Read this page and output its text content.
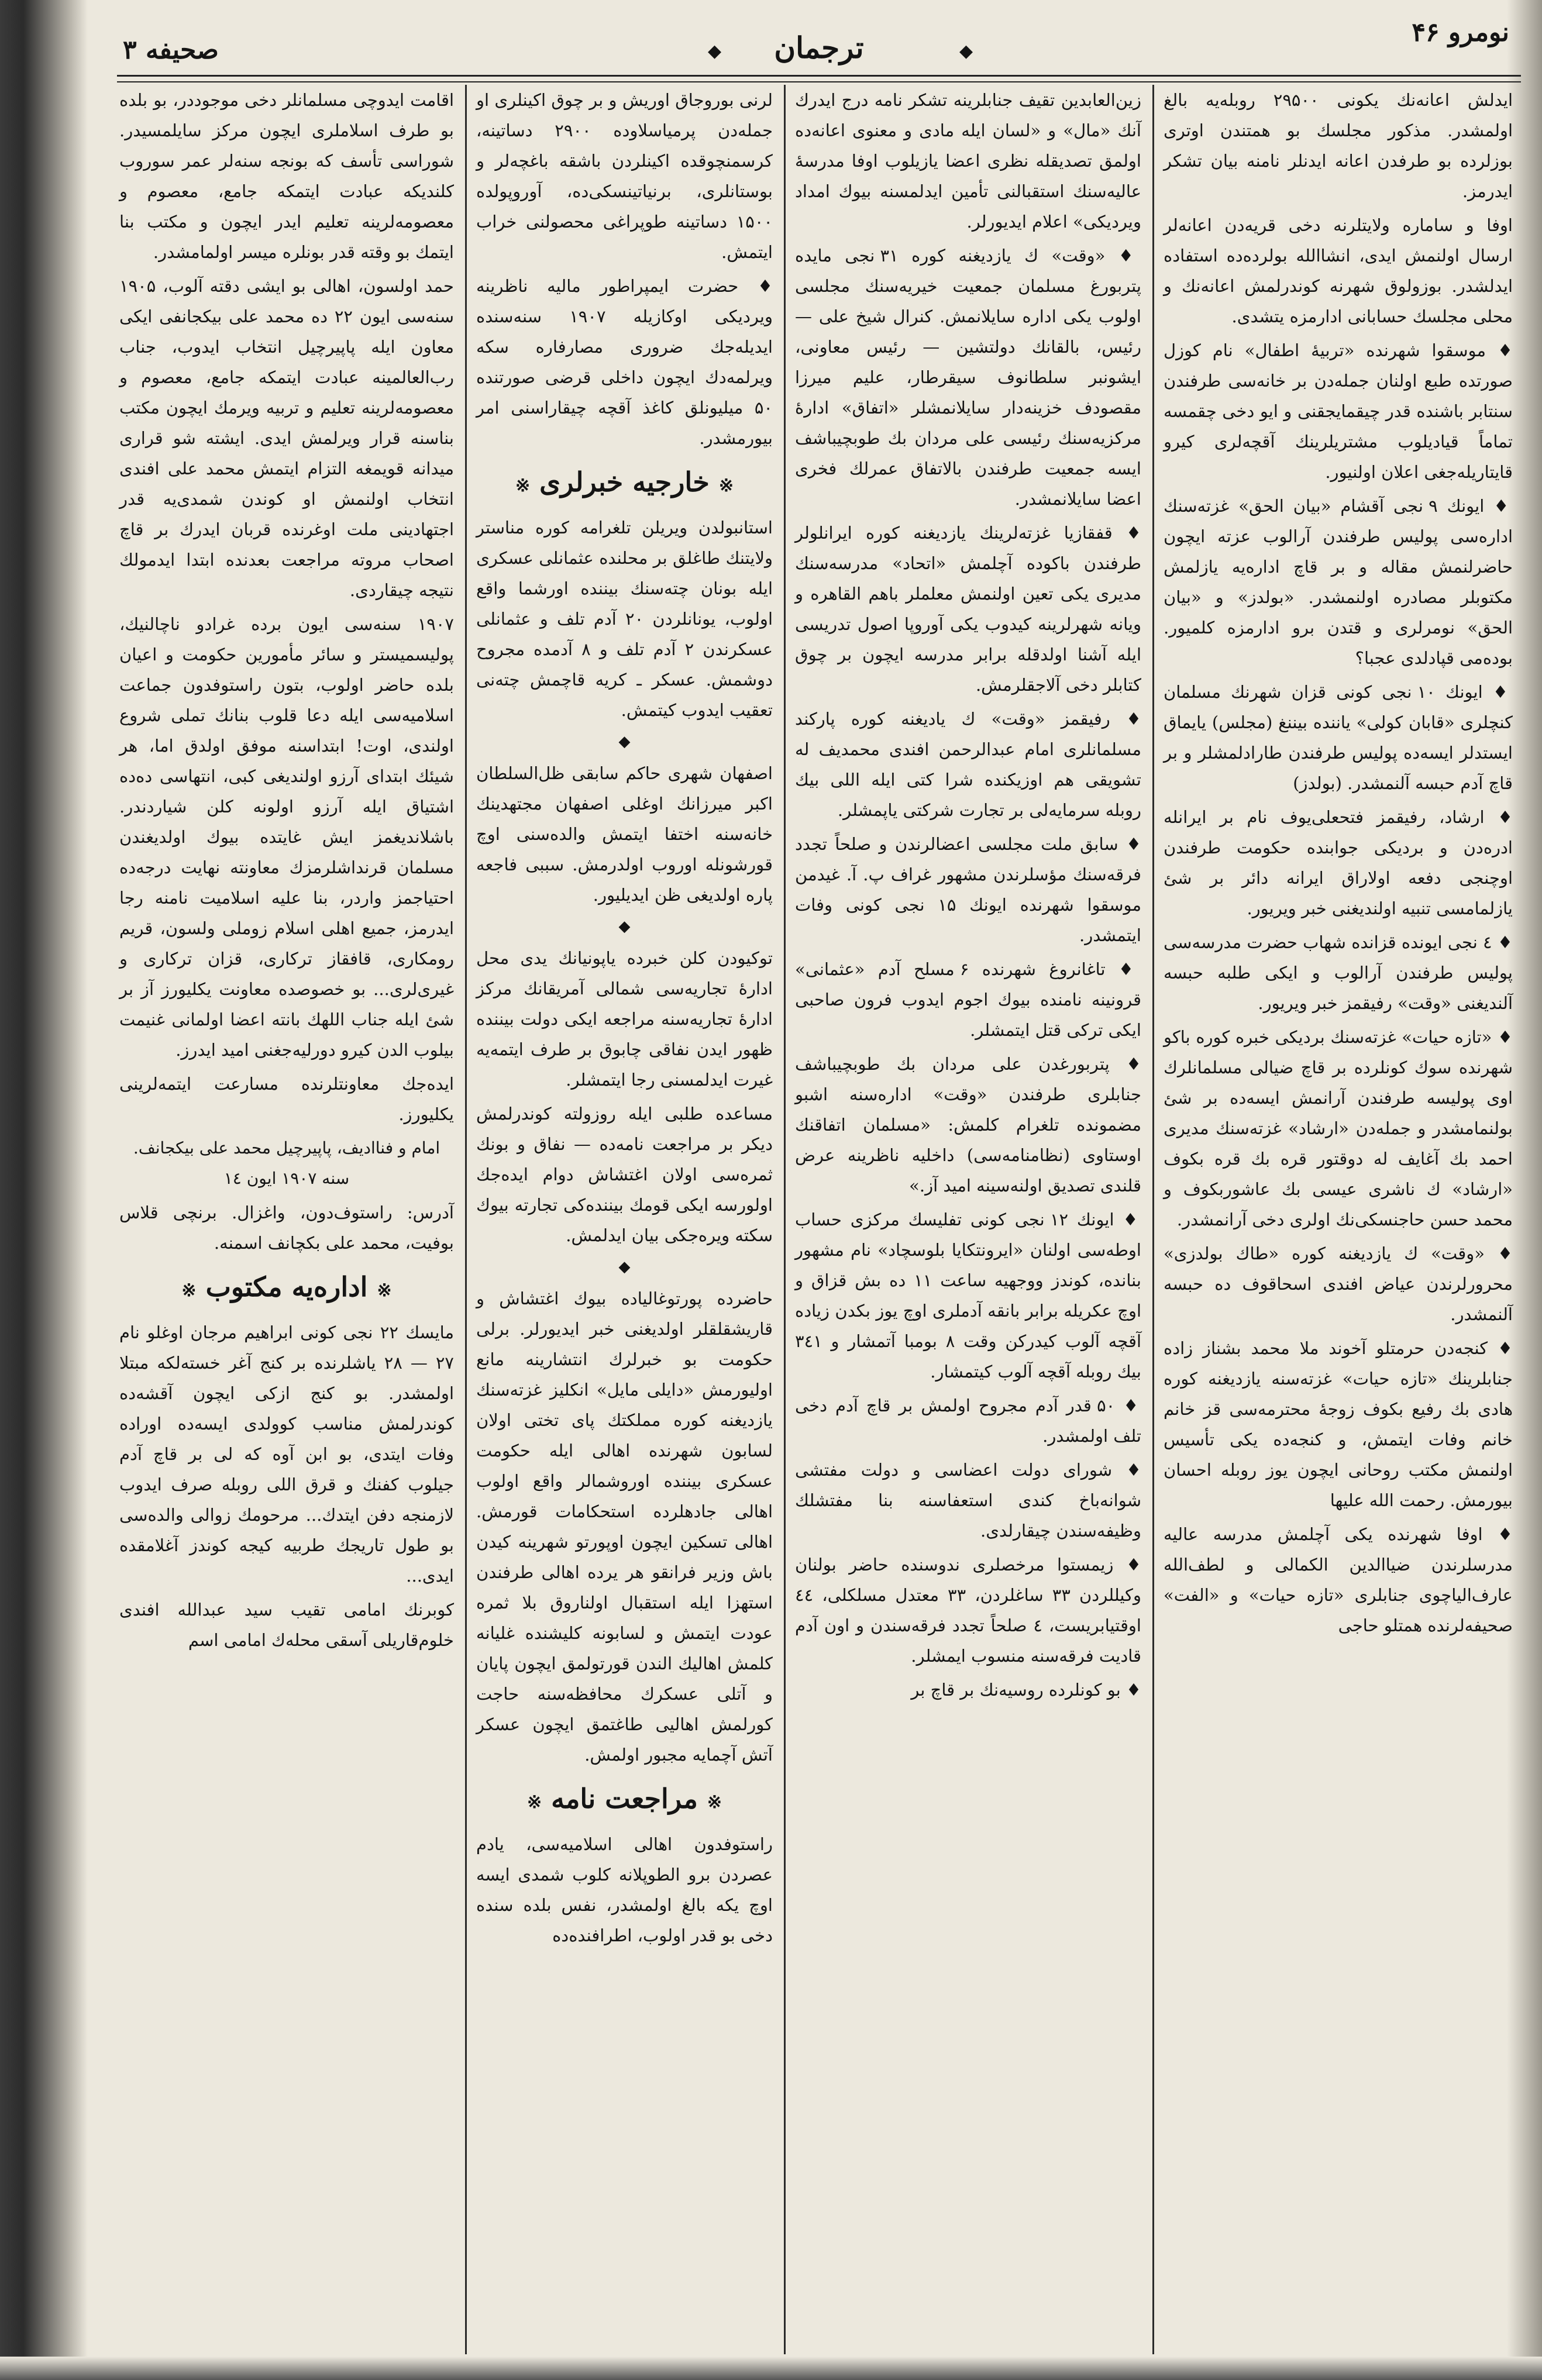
نومرو ۴۶
◆
ترجمان
◆
صحیفه ۳

ایدلش اعانه‌نك یکونی ۲۹۵۰۰ روبله‌یه بالغ اولمشدر. مذکور مجلسك بو همتندن اوتری بوزلرده بو طرفدن اعانه ایدنلر نامنه بیان تشکر ایدرمز.

اوفا و ساماره ولایتلرنه دخی قریه‌دن اعانه‌لر ارسال اولنمش ایدی، انشاالله بولرده‌ده استفاده ایدلشدر. بوزولوق شهرنه کوندرلمش اعانه‌نك و محلی مجلسك حسابانی ادارمزه یتشدی.

♦ موسقوا شهرنده «تربیهٔ اطفال» نام کوزل صورتده طبع اولنان جمله‌دن بر خانه‌سی طرفندن سنتابر باشنده قدر چیقمایجقنی و ایو دخی چقمسه تماماً قیادیلوب مشتریلرینك آقچه‌لری کیرو قایتاریله‌جغی اعلان اولنیور.

♦ ایونك ۹ نجی آقشام «بیان الحق» غزته‌سنك اداره‌سی پولیس طرفندن آرالوب عزته ایچون حاضرلنمش مقاله و بر قاچ اداره‌یه یازلمش مکتوبلر مصادره اولنمشدر. «بولدز» و «بیان الحق» نومرلری و قتدن برو ادارمزه کلمیور. بوده‌می قپادلدی عجبا؟

♦ ایونك ۱۰ نجی کونی قزان شهرنك مسلمان کنچلری «قابان کولی» یاننده بیننغ (مجلس) یایماق ایستدلر ایسه‌ده پولیس طرفندن طارادلمشلر و بر قاچ آدم حبسه آلنمشدر. (بولدز)

♦ ارشاد، رفیقمز فتحعلی‌یوف نام بر ایرانله ادره‌دن و بردیکی جوابنده حکومت طرفندن اوچنجی دفعه اولاراق ایرانه دائر بر شئ یازلمامسی تنبیه اولندیغنی خبر ویریور.

♦ ٤ نجی ایونده قزانده شهاب حضرت مدرسه‌سی پولیس طرفندن آرالوب و ایکی طلبه حبسه آلندیغنی «وقت» رفیقمز خبر ویریور.

♦ «تازه حیات» غزته‌سنك بردیکی خبره کوره باکو شهرنده سوك کونلرده بر قاچ ضیالی مسلمانلرك اوی پولیسه طرفندن آرانمش ایسه‌ده بر شئ بولنمامشدر و جمله‌دن «ارشاد» غزته‌سنك مدیری احمد بك آغایف له دوقتور قره بك قره بکوف «ارشاد» ك ناشری عیسی بك عاشوربکوف و محمد حسن حاجنسکی‌نك اولری دخی آرانمشدر.

♦ «وقت» ك یازدیغنه کوره «طاك بولدزی» محرورلرندن عیاض افندی اسحاقوف ده حبسه آلنمشدر.

♦ کنجه‌دن حرمتلو آخوند ملا محمد بشناز زاده جنابلرینك «تازه حیات» غزته‌سنه یازدیغنه کوره هادی بك رفیع بکوف زوجهٔ محترمه‌سی قز خانم خانم وفات ایتمش، و کنجه‌ده یکی تأسیس اولنمش مکتب روحانی ایچون یوز روبله احسان بیورمش. رحمت الله علیها

♦ اوفا شهرنده یکی آچلمش مدرسه عالیه مدرسلرندن ضیاالدین الکمالی و لطف‌الله عارف‌الیاچوی جنابلری «تازه حیات» و «الفت» صحیفه‌لرنده همتلو حاجی

زین‌العابدین تقیف جنابلرینه تشکر نامه درج ایدرك آنك «مال» و «لسان ایله مادی و معنوی اعانه‌ده اولمق تصدیقله نظری اعضا یازیلوب اوفا مدرسهٔ عالیه‌سنك استقبالنی تأمین ایدلمسنه بیوك امداد ویردیکی» اعلام ایدیورلر.

♦ «وقت» ك یازدیغنه کوره ۳۱ نجی مایده پتربورغ مسلمان جمعیت خیریه‌سنك مجلسی اولوب یکی اداره سایلانمش. کنرال شیخ علی — رئیس، بالقانك دولتشین — رئیس معاونی، ایشونبر سلطانوف سیقرطار، علیم میرزا مقصودف خزینه‌دار سایلانمشلر «اتفاق» ادارهٔ مرکزیه‌سنك رئیسی علی مردان بك طوبچیباشف ایسه جمعیت طرفندن بالاتفاق عمرلك فخری اعضا سایلانمشدر.

♦ قفقازیا غزته‌لرینك یازدیغنه کوره ایرانلولر طرفندن باکوده آچلمش «اتحاد» مدرسه‌سنك مدیری یکی تعین اولنمش معلملر باهم القاهره و ویانه شهرلرینه کیدوب یکی آوروپا اصول تدریسی ایله آشنا اولدقله برابر مدرسه ایچون بر چوق کتابلر دخی آلاجقلرمش.

♦ رفیقمز «وقت» ك یادیغنه کوره پارکند مسلمانلری امام عبدالرحمن افندی محمدیف له تشویقی هم اوزیکنده شرا کتی ایله اللی بیك روبله سرمایه‌لی بر تجارت شرکتی یاپمشلر.

♦ سابق ملت مجلسی اعضالرندن و صلحاً تجدد فرقه‌سنك مؤسلرندن مشهور غراف پ. آ. غیدمن موسقوا شهرنده ایونك ۱۵ نجی کونی وفات ایتمشدر.

♦ تاغانروغ شهرنده ۶ مسلح آدم «عثمانی» قرونینه نامنده بیوك اجوم ایدوب فرون صاحبی ایکی ترکی قتل ایتمشلر.

♦ پتربورغدن علی مردان بك طوبچیباشف جنابلری طرفندن «وقت» اداره‌سنه اشبو مضمونده تلغرام کلمش: «مسلمان اتفاقنك اوستاوی (نظامنامه‌سی) داخلیه ناظرینه عرض قلندی تصدیق اولنه‌سینه امید آز.»

♦ ایونك ۱۲ نجی کونی تفلیسك مرکزی حساب اوطه‌سی اولنان «ایرونتکایا بلوسچاد» نام مشهور بنانده، کوندز ووجهیه ساعت ۱۱ ده بش قزاق و اوچ عکریله برابر بانقه آدملری اوچ یوز بکدن زیاده آقچه آلوب کیدرکن وقت ۸ بومبا آتمشار و ۳٤۱ بیك روبله آقچه آلوب کیتمشار.

♦ ۵۰ قدر آدم مجروح اولمش بر قاچ آدم دخی تلف اولمشدر.

♦ شورای دولت اعضاسی و دولت مفتشی شوانه‌باخ کندی استعفاسنه بنا مفتشلك وظیفه‌سندن چیقارلدی.

♦ زیمستوا مرخصلری ندوسنده حاضر بولنان وکیللردن ۳۳ ساغلردن، ۳۳ معتدل مسلکلی، ٤٤ اوقتیابریست، ٤ صلحاً تجدد فرقه‌سندن و اون آدم قادیت فرقه‌سنه منسوب ایمشلر.

♦ بو کونلرده روسیه‌نك بر قاچ بر

لرنی بوروجاق اوریش و بر چوق اکینلری او جمله‌دن پرمیاسلاوده ۲۹۰۰ دساتینه، کرسمنچوقده اکینلردن باشقه باغچه‌لر و بوستانلری، برنیاتینسکی‌ده، آوروپولده ۱۵۰۰ دساتینه طوپراغی محصولنی خراب ایتمش.

♦ حضرت ایمپراطور مالیه ناظرینه ویردیکی اوکازیله ۱۹۰۷ سنه‌سنده ایدیله‌جك ضروری مصارفاره سکه ویرلمه‌دك ایچون داخلی قرضی صورتنده ۵۰ میلیونلق کاغذ آقچه چیقاراسنی امر بیورمشدر.

※ خارجیه خبرلری ※

استانبولدن ویریلن تلغرامه کوره مناستر ولایتنك طاغلق بر محلنده عثمانلی عسکری ایله بونان چته‌سنك بیننده اورشما واقع اولوب، یونانلردن ۲۰ آدم تلف و عثمانلی عسکرندن ۲ آدم تلف و ۸ آدمده مجروح دوشمش. عسکر ـ کریه قاچمش چته‌نی تعقیب ایدوب کیتمش.

◆

اصفهان شهری حاکم سابقی ظل‌السلطان اکبر میرزانك اوغلی اصفهان مجتهدینك خانه‌سنه اختفا ایتمش والده‌سنی اوچ قورشونله اوروب اولدرمش. سببی فاجعه پاره اولدیغی ظن ایدیلیور.

◆

توکیودن کلن خبرده یاپونیانك یدی محل ادارهٔ تجاریه‌سی شمالی آمریقانك مرکز ادارهٔ تجاریه‌سنه مراجعه ایکی دولت بیننده ظهور ایدن نفاقی چابوق بر طرف ایتمه‌یه غیرت ایدلمسنی رجا ایتمشلر.

مساعده طلبی ایله روزولته کوندرلمش دیکر بر مراجعت نامه‌ده — نفاق و بونك ثمره‌سی اولان اغتشاش دوام ایده‌جك اولورسه ایکی قومك بیننده‌کی تجارته بیوك سکته ویره‌جکی بیان ایدلمش.

◆

حاضرده پورتوغالیاده بیوك اغتشاش و قاریشقلقلر اولدیغنی خبر ایدیورلر. برلی حکومت بو خبرلرك انتشارینه مانع اولیورمش «دایلی مایل» انکلیز غزته‌سنك یازدیغنه کوره مملکتك پای تختی اولان لسابون شهرنده اهالی ایله حکومت عسکری بیننده اوروشمالر واقع اولوب اهالی جادهلرده استحکامات قورمش. اهالی تسکین ایچون اوپورتو شهرینه کیدن باش وزیر فرانقو هر یرده اهالی طرفندن استهزا ایله استقبال اولناروق بلا ثمره عودت ایتمش و لسابونه کلیشنده غلیانه کلمش اهالیك الندن قورتولمق ایچون پایان و آتلی عسکرك محافظه‌سنه حاجت کورلمش اهالیی طاغتمق ایچون عسکر آتش آچمایه مجبور اولمش.

※ مراجعت نامه ※

راستوفدون اهالی اسلامیه‌سی، یادم عصردن برو الطوپلانه کلوب شمدی ایسه اوچ یکه بالغ اولمشدر، نفس بلده سنده دخی بو قدر اولوب، اطرافنده‌ده

اقامت ایدوچی مسلمانلر دخی موجوددر، بو بلده بو طرف اسلاملری ایچون مرکز سایلمسیدر. شوراسی تأسف که بونجه سنه‌لر عمر سوروب کلندیکه عبادت ایتمکه جامع، معصوم و معصومه‌لرینه تعلیم ایدر ایچون و مکتب بنا ایتمك بو وقته قدر بونلره میسر اولمامشدر.

حمد اولسون، اهالی بو ایشی دقته آلوب، ۱۹۰۵ سنه‌سی ایون ۲۲ ده محمد علی بیکجانفی ایکی معاون ایله پاپیرچیل انتخاب ایدوب، جناب رب‌العالمینه عبادت ایتمکه جامع، معصوم و معصومه‌لرینه تعلیم و تربیه ویرمك ایچون مکتب بناسنه قرار ویرلمش ایدی. ایشته شو قراری میدانه قویمغه التزام ایتمش محمد علی افندی انتخاب اولنمش او کوندن شمدی‌یه قدر اجتهادینی ملت اوغرنده قربان ایدرك بر قاچ اصحاب مروته مراجعت بعدنده ابتدا ایدمولك نتیجه چیقاردی.

۱۹۰۷ سنه‌سی ایون برده غرادو ناچالنیك، پولیسمیستر و سائر مأمورین حکومت و اعیان بلده حاضر اولوب، بتون راستوفدون جماعت اسلامیه‌سی ایله دعا قلوب بنانك تملی شروع اولندی، اوت! ابتداسنه موفق اولدق اما، هر شیئك ابتدای آرزو اولندیغی کبی، انتهاسی ده‌ده اشتیاق ایله آرزو اولونه کلن شیاردندر. باشلاندیغمز ایش غایتده بیوك اولدیغندن مسلمان قرنداشلرمزك معاونته نهایت درجه‌ده احتیاجمز واردر، بنا علیه اسلامیت نامنه رجا ایدرمز، جمیع اهلی اسلام زوملی ولسون، قریم رومکاری، قافقاز ترکاری، قزان ترکاری و غیری‌لری... بو خصوصده معاونت یکلیورز آز بر شئ ایله جناب اللهك بانته اعضا اولمانی غنیمت بیلوب الدن کیرو دورلیه‌جغنی امید ایدرز.

ایده‌جك معاونتلرنده مسارعت ایتمه‌لرینی یکلیورز.

امام و فناادیف، پاپیرچیل محمد علی بیکجانف. سنه ۱۹۰۷ ایون ۱٤

آدرس: راستوف‌دون، واغزال. برنچی قلاس بوفیت، محمد علی بکچانف اسمنه.

※ اداره‌یه مکتوب ※

مایسك ۲۲ نجی کونی ابراهیم مرجان اوغلو نام ۲۷ — ۲۸ یاشلرنده بر کنج آغر خسته‌لکه مبتلا اولمشدر. بو کنج ازکی ایچون آقشه‌ده کوندرلمش مناسب کوولدی ایسه‌ده اوراده وفات ایتدی، بو ابن آوه که لی بر قاچ آدم جیلوب کفنك و قرق اللی روبله صرف ایدوب لازمنجه دفن ایتدك... مرحومك زوالی والده‌سی بو طول تاریجك طربیه کیجه کوندز آغلامقده ایدی...

کوبرنك امامی تقیب سید عبدالله افندی خلوم‌قاریلی آسقی محله‌ك امامی اسم
